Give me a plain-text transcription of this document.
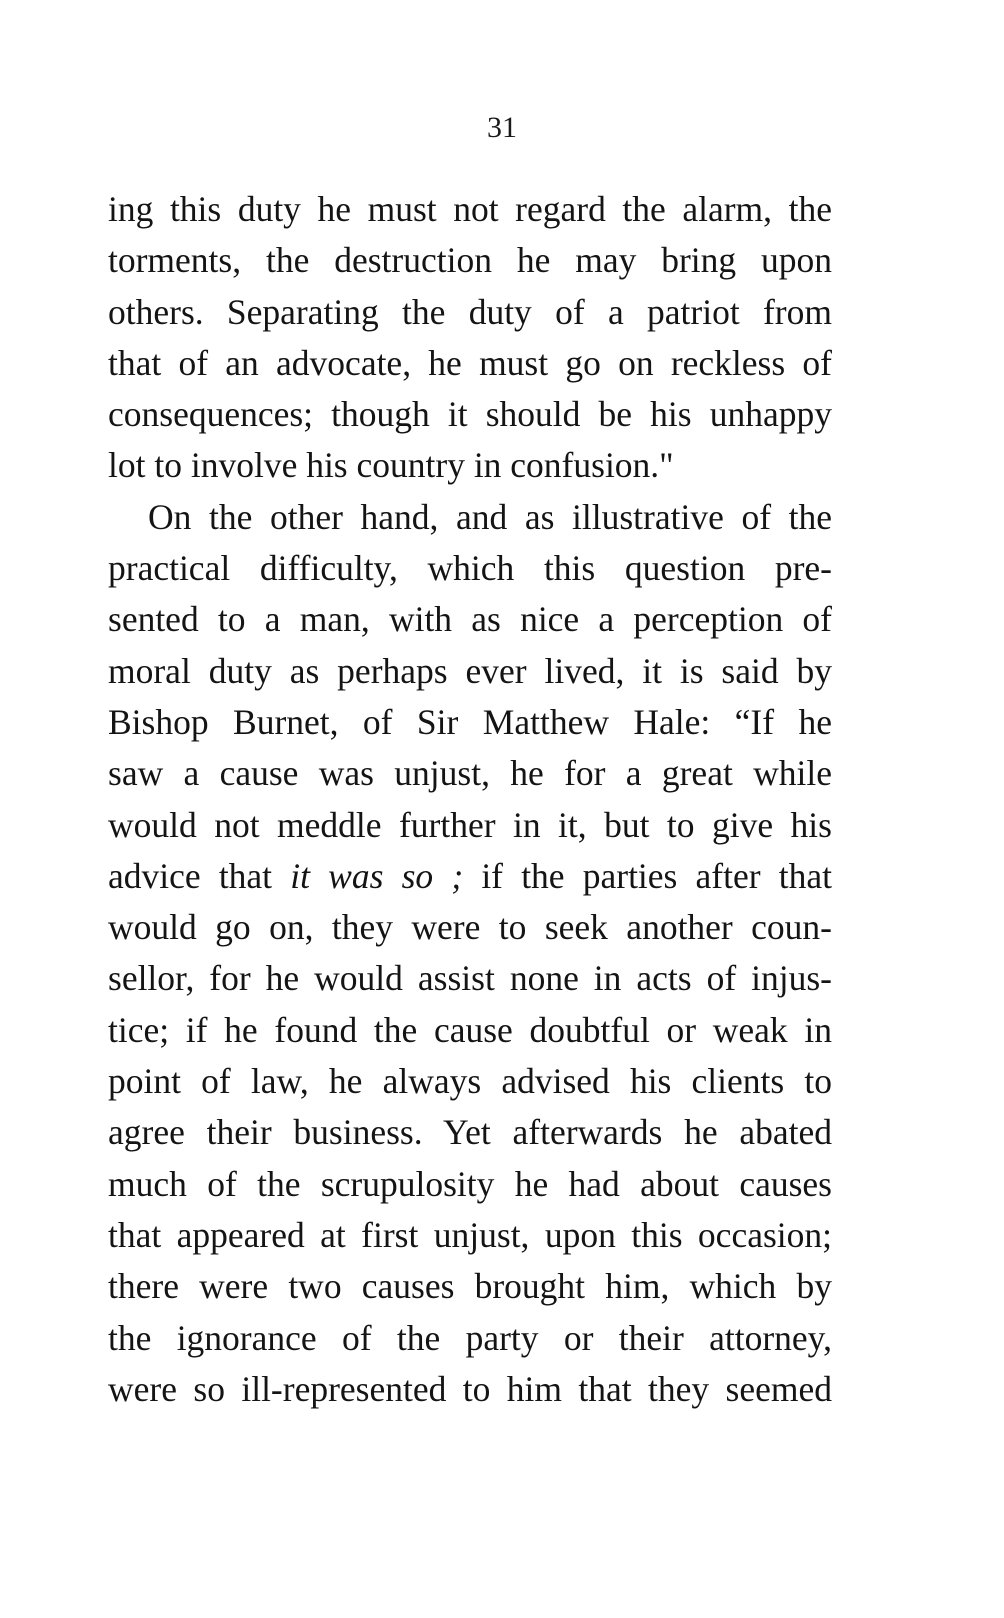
31
ing this duty he must not regard the alarm, the
torments, the destruction he may bring upon
others. Separating the duty of a patriot from
that of an advocate, he must go on reckless of
consequences; though it should be his unhappy
lot to involve his country in confusion."
On the other hand, and as illustrative of the
practical difficulty, which this question pre-
sented to a man, with as nice a perception of
moral duty as perhaps ever lived, it is said by
Bishop Burnet, of Sir Matthew Hale: “If he
saw a cause was unjust, he for a great while
would not meddle further in it, but to give his
advice that it was so ; if the parties after that
would go on, they were to seek another coun-
sellor, for he would assist none in acts of injus-
tice; if he found the cause doubtful or weak in
point of law, he always advised his clients to
agree their business. Yet afterwards he abated
much of the scrupulosity he had about causes
that appeared at first unjust, upon this occasion;
there were two causes brought him, which by
the ignorance of the party or their attorney,
were so ill-represented to him that they seemed
